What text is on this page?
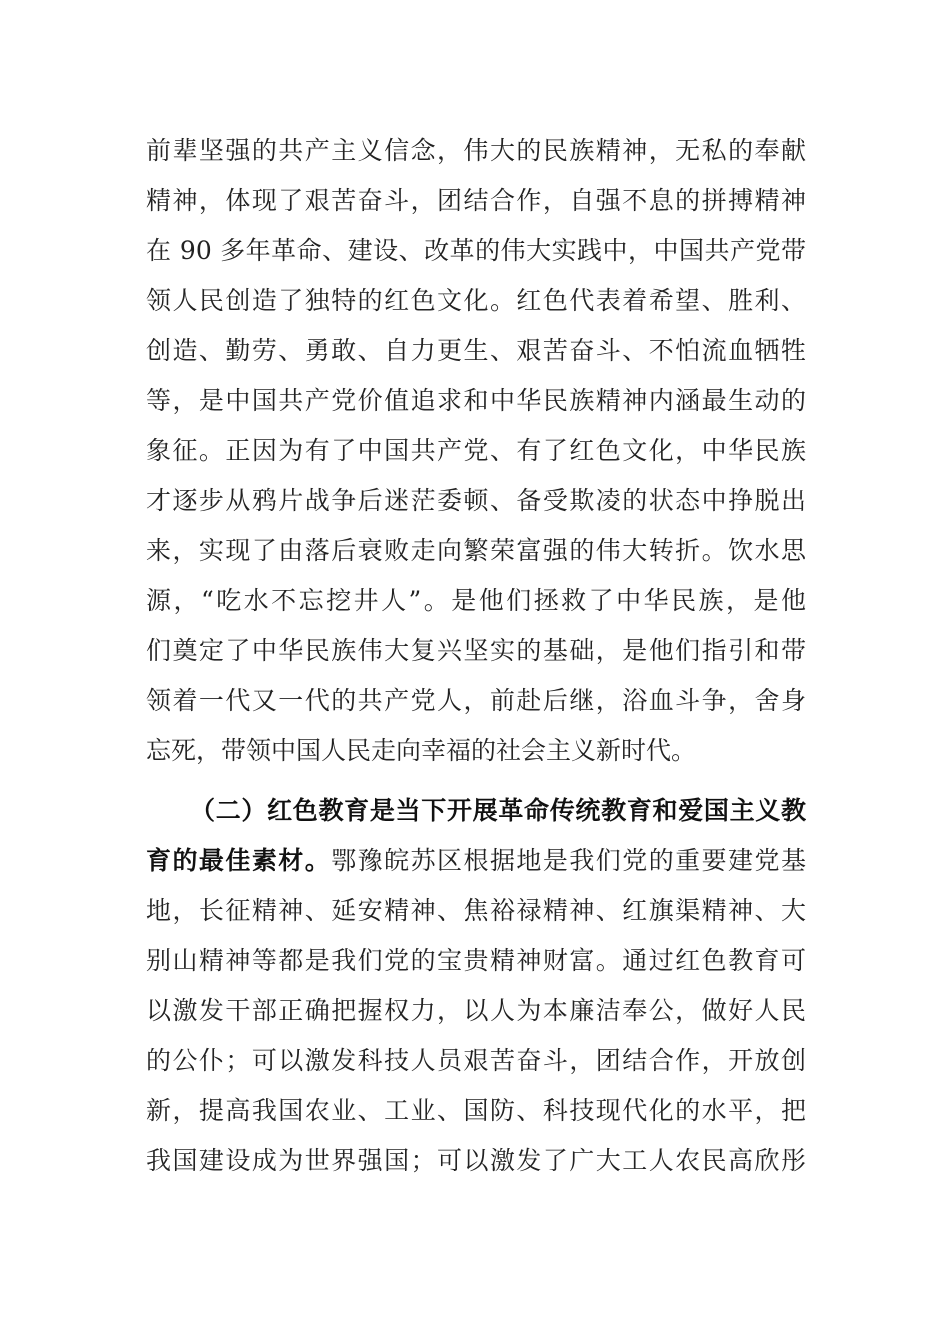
前辈坚强的共产主义信念，伟大的民族精神，无私的奉献
精神，体现了艰苦奋斗，团结合作，自强不息的拼搏精神
在 90 多年革命、建设、改革的伟大实践中，中国共产党带
领人民创造了独特的红色文化。红色代表着希望、胜利、
创造、勤劳、勇敢、自力更生、艰苦奋斗、不怕流血牺牲
等，是中国共产党价值追求和中华民族精神内涵最生动的
象征。正因为有了中国共产党、有了红色文化，中华民族
才逐步从鸦片战争后迷茫委顿、备受欺凌的状态中挣脱出
来，实现了由落后衰败走向繁荣富强的伟大转折。饮水思
源，“吃水不忘挖井人”。是他们拯救了中华民族，是他
们奠定了中华民族伟大复兴坚实的基础，是他们指引和带
领着一代又一代的共产党人，前赴后继，浴血斗争，舍身
忘死，带领中国人民走向幸福的社会主义新时代。
（二）红色教育是当下开展革命传统教育和爱国主义教
育的最佳素材。鄂豫皖苏区根据地是我们党的重要建党基
地，长征精神、延安精神、焦裕禄精神、红旗渠精神、大
别山精神等都是我们党的宝贵精神财富。通过红色教育可
以激发干部正确把握权力，以人为本廉洁奉公，做好人民
的公仆；可以激发科技人员艰苦奋斗，团结合作，开放创
新，提高我国农业、工业、国防、科技现代化的水平，把
我国建设成为世界强国；可以激发了广大工人农民高欣彤
